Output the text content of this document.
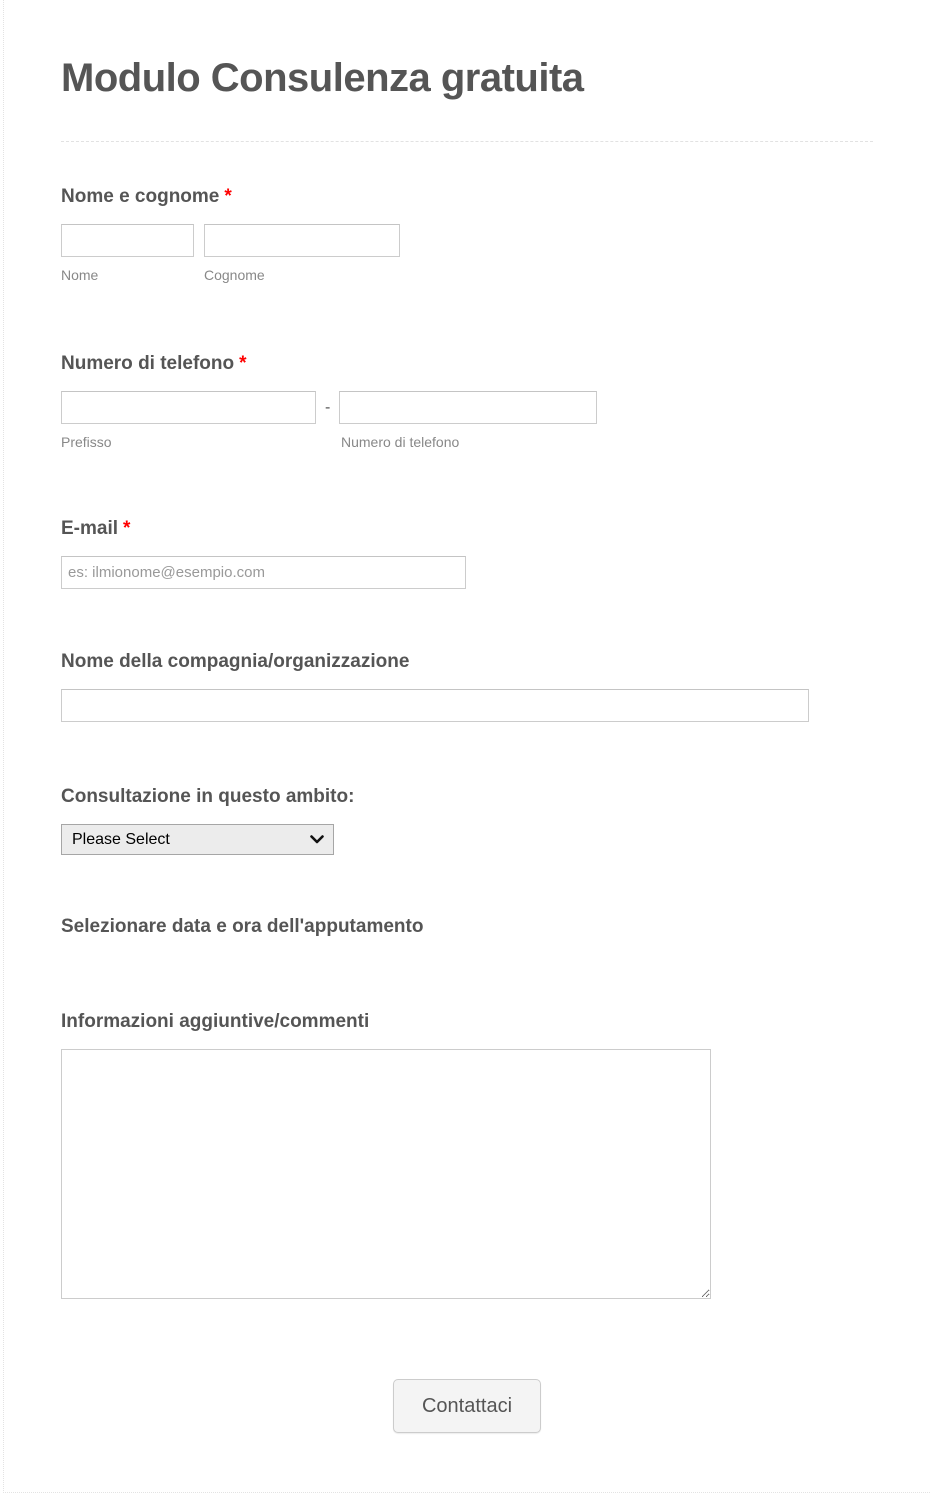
Modulo Consulenza gratuita
Nome e cognome *
Nome	Cognome
Numero di telefono *
-
Prefisso	Numero di telefono
E-mail *
es: ilmionome@esempio.com
Nome della compagnia/organizzazione
Consultazione in questo ambito:
Please Select
Selezionare data e ora dell'apputamento
Informazioni aggiuntive/commenti
Contattaci
